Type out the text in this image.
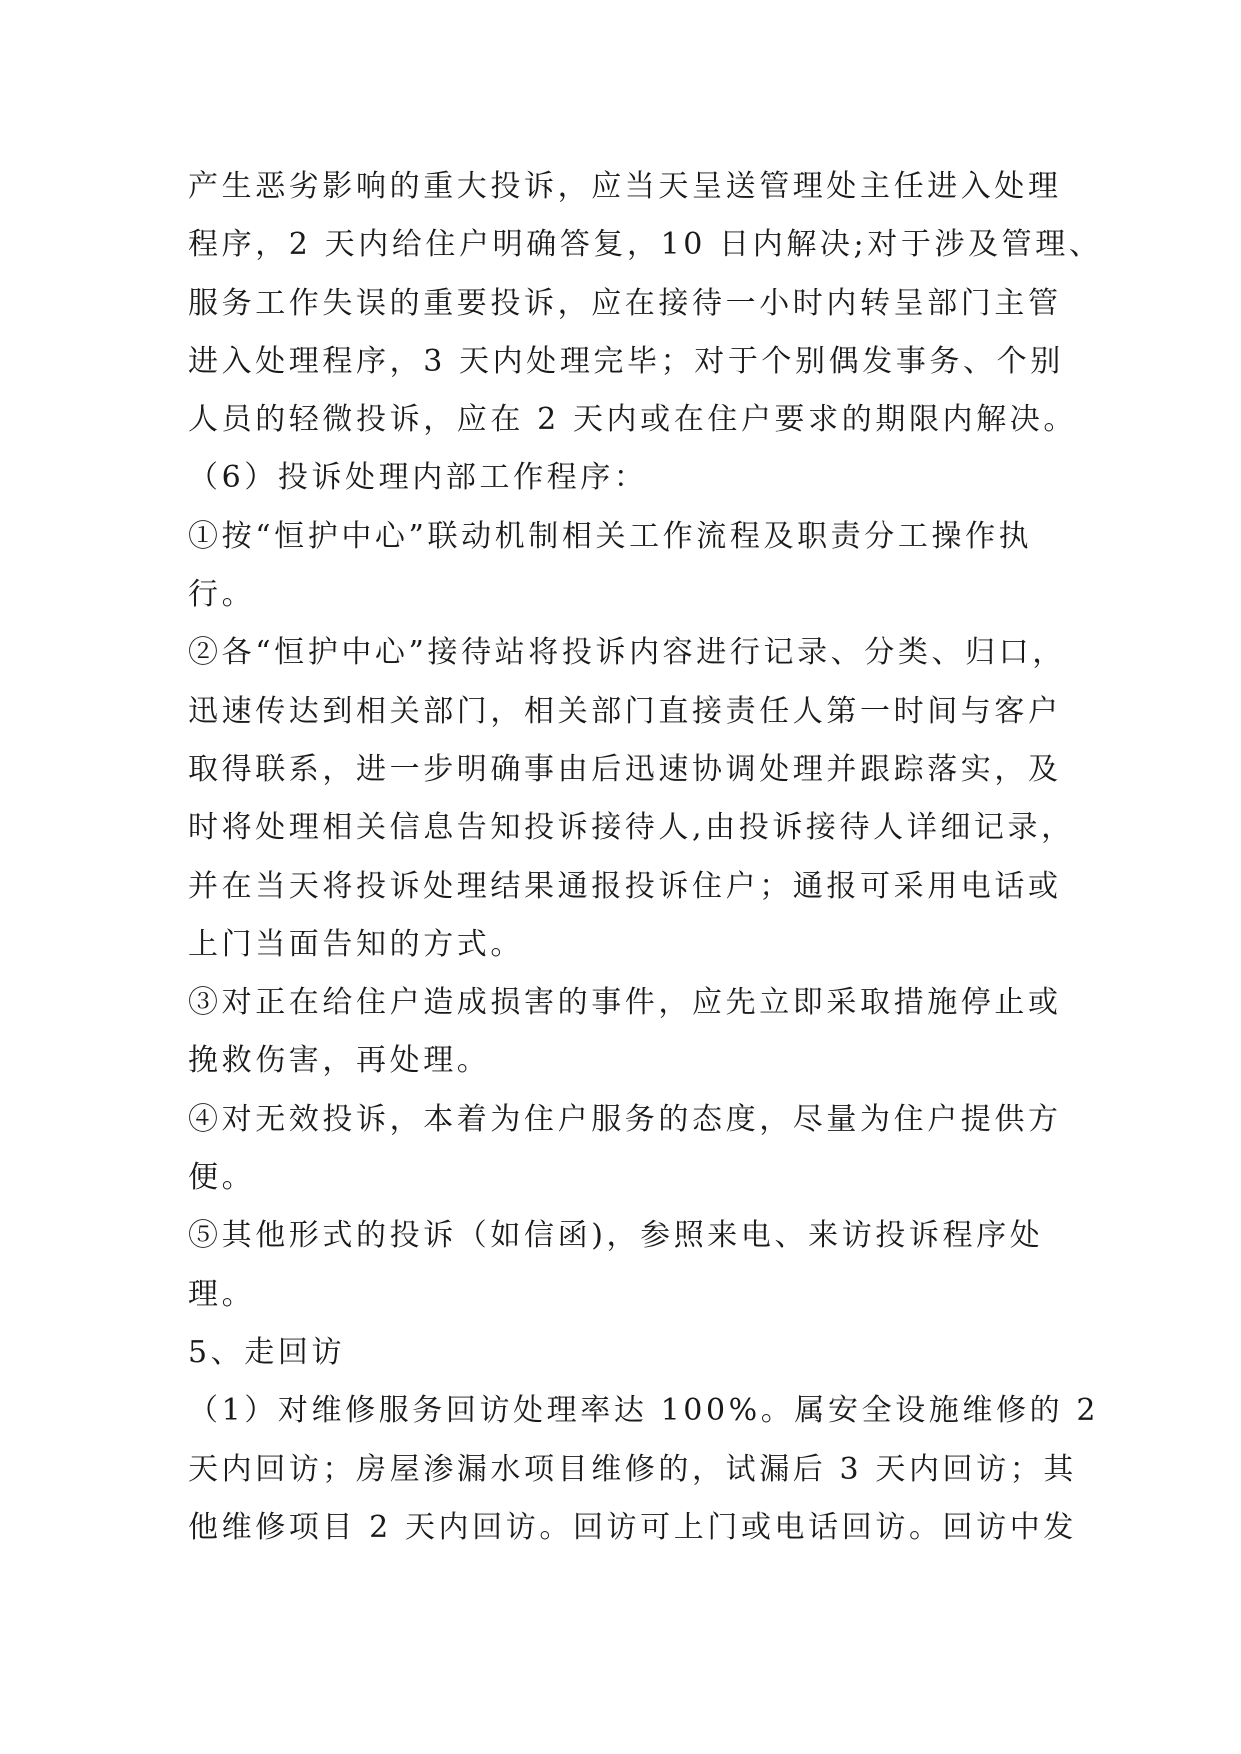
产生恶劣影响的重大投诉，应当天呈送管理处主任进入处理
程序，2 天内给住户明确答复，10 日内解决;对于涉及管理、
服务工作失误的重要投诉，应在接待一小时内转呈部门主管
进入处理程序，3 天内处理完毕；对于个别偶发事务、个别
人员的轻微投诉，应在 2 天内或在住户要求的期限内解决。
（6）投诉处理内部工作程序：
①按“恒护中心”联动机制相关工作流程及职责分工操作执
行。
②各“恒护中心”接待站将投诉内容进行记录、分类、归口，
迅速传达到相关部门，相关部门直接责任人第一时间与客户
取得联系，进一步明确事由后迅速协调处理并跟踪落实，及
时将处理相关信息告知投诉接待人,由投诉接待人详细记录，
并在当天将投诉处理结果通报投诉住户；通报可采用电话或
上门当面告知的方式。
③对正在给住户造成损害的事件，应先立即采取措施停止或
挽救伤害，再处理。
④对无效投诉，本着为住户服务的态度，尽量为住户提供方
便。
⑤其他形式的投诉（如信函)，参照来电、来访投诉程序处
理。
5、走回访
（1）对维修服务回访处理率达 100%。属安全设施维修的 2
天内回访；房屋渗漏水项目维修的，试漏后 3 天内回访；其
他维修项目 2 天内回访。回访可上门或电话回访。回访中发
